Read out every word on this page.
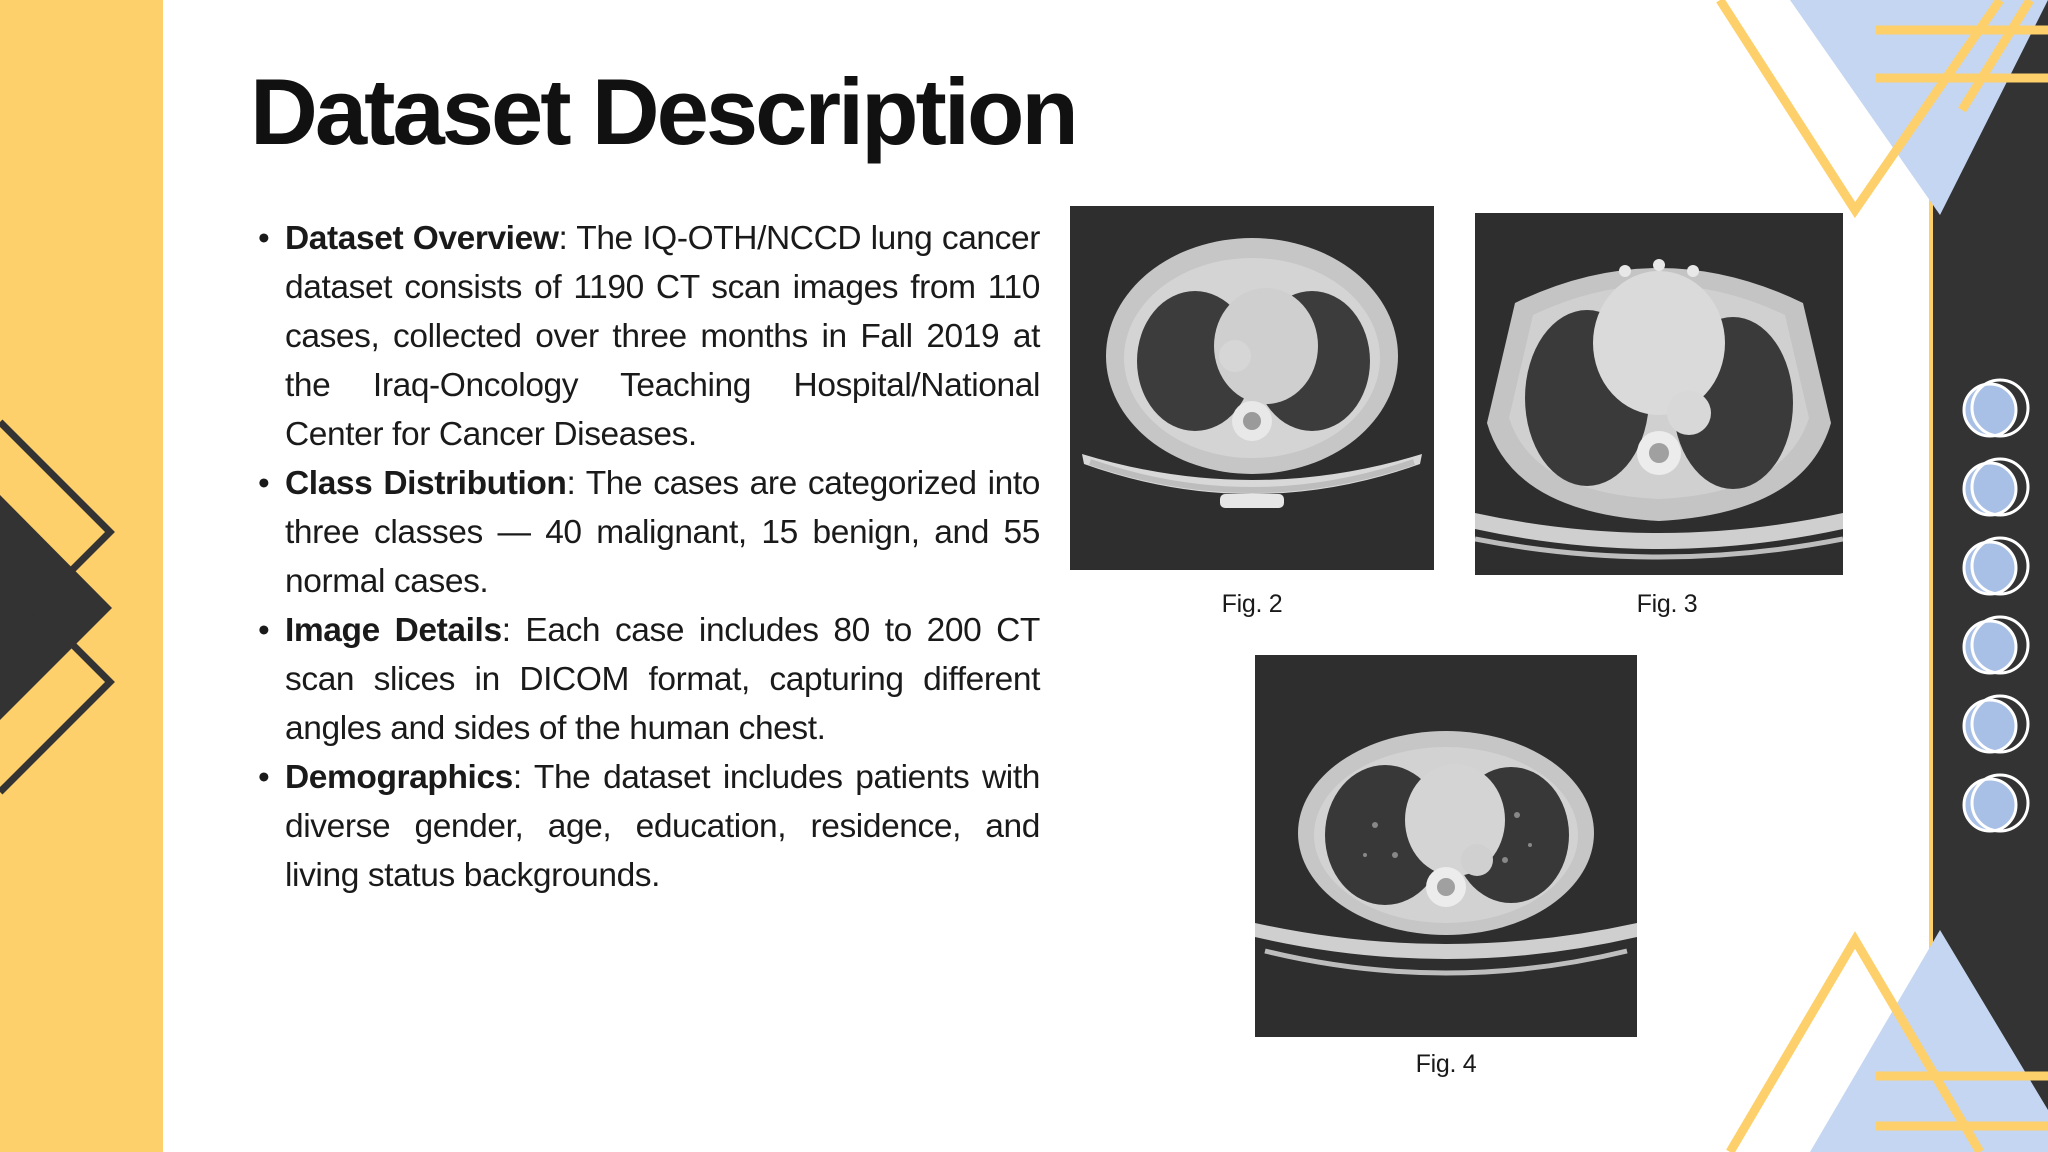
Dataset Description
• Dataset Overview: The IQ-OTH/NCCD lung cancer dataset consists of 1190 CT scan images from 110 cases, collected over three months in Fall 2019 at the Iraq-Oncology Teaching Hospital/National Center for Cancer Diseases.
• Class Distribution: The cases are categorized into three classes — 40 malignant, 15 benign, and 55 normal cases.
• Image Details: Each case includes 80 to 200 CT scan slices in DICOM format, capturing different angles and sides of the human chest.
• Demographics: The dataset includes patients with diverse gender, age, education, residence, and living status backgrounds.
Fig. 2	Fig. 3
Fig. 4
